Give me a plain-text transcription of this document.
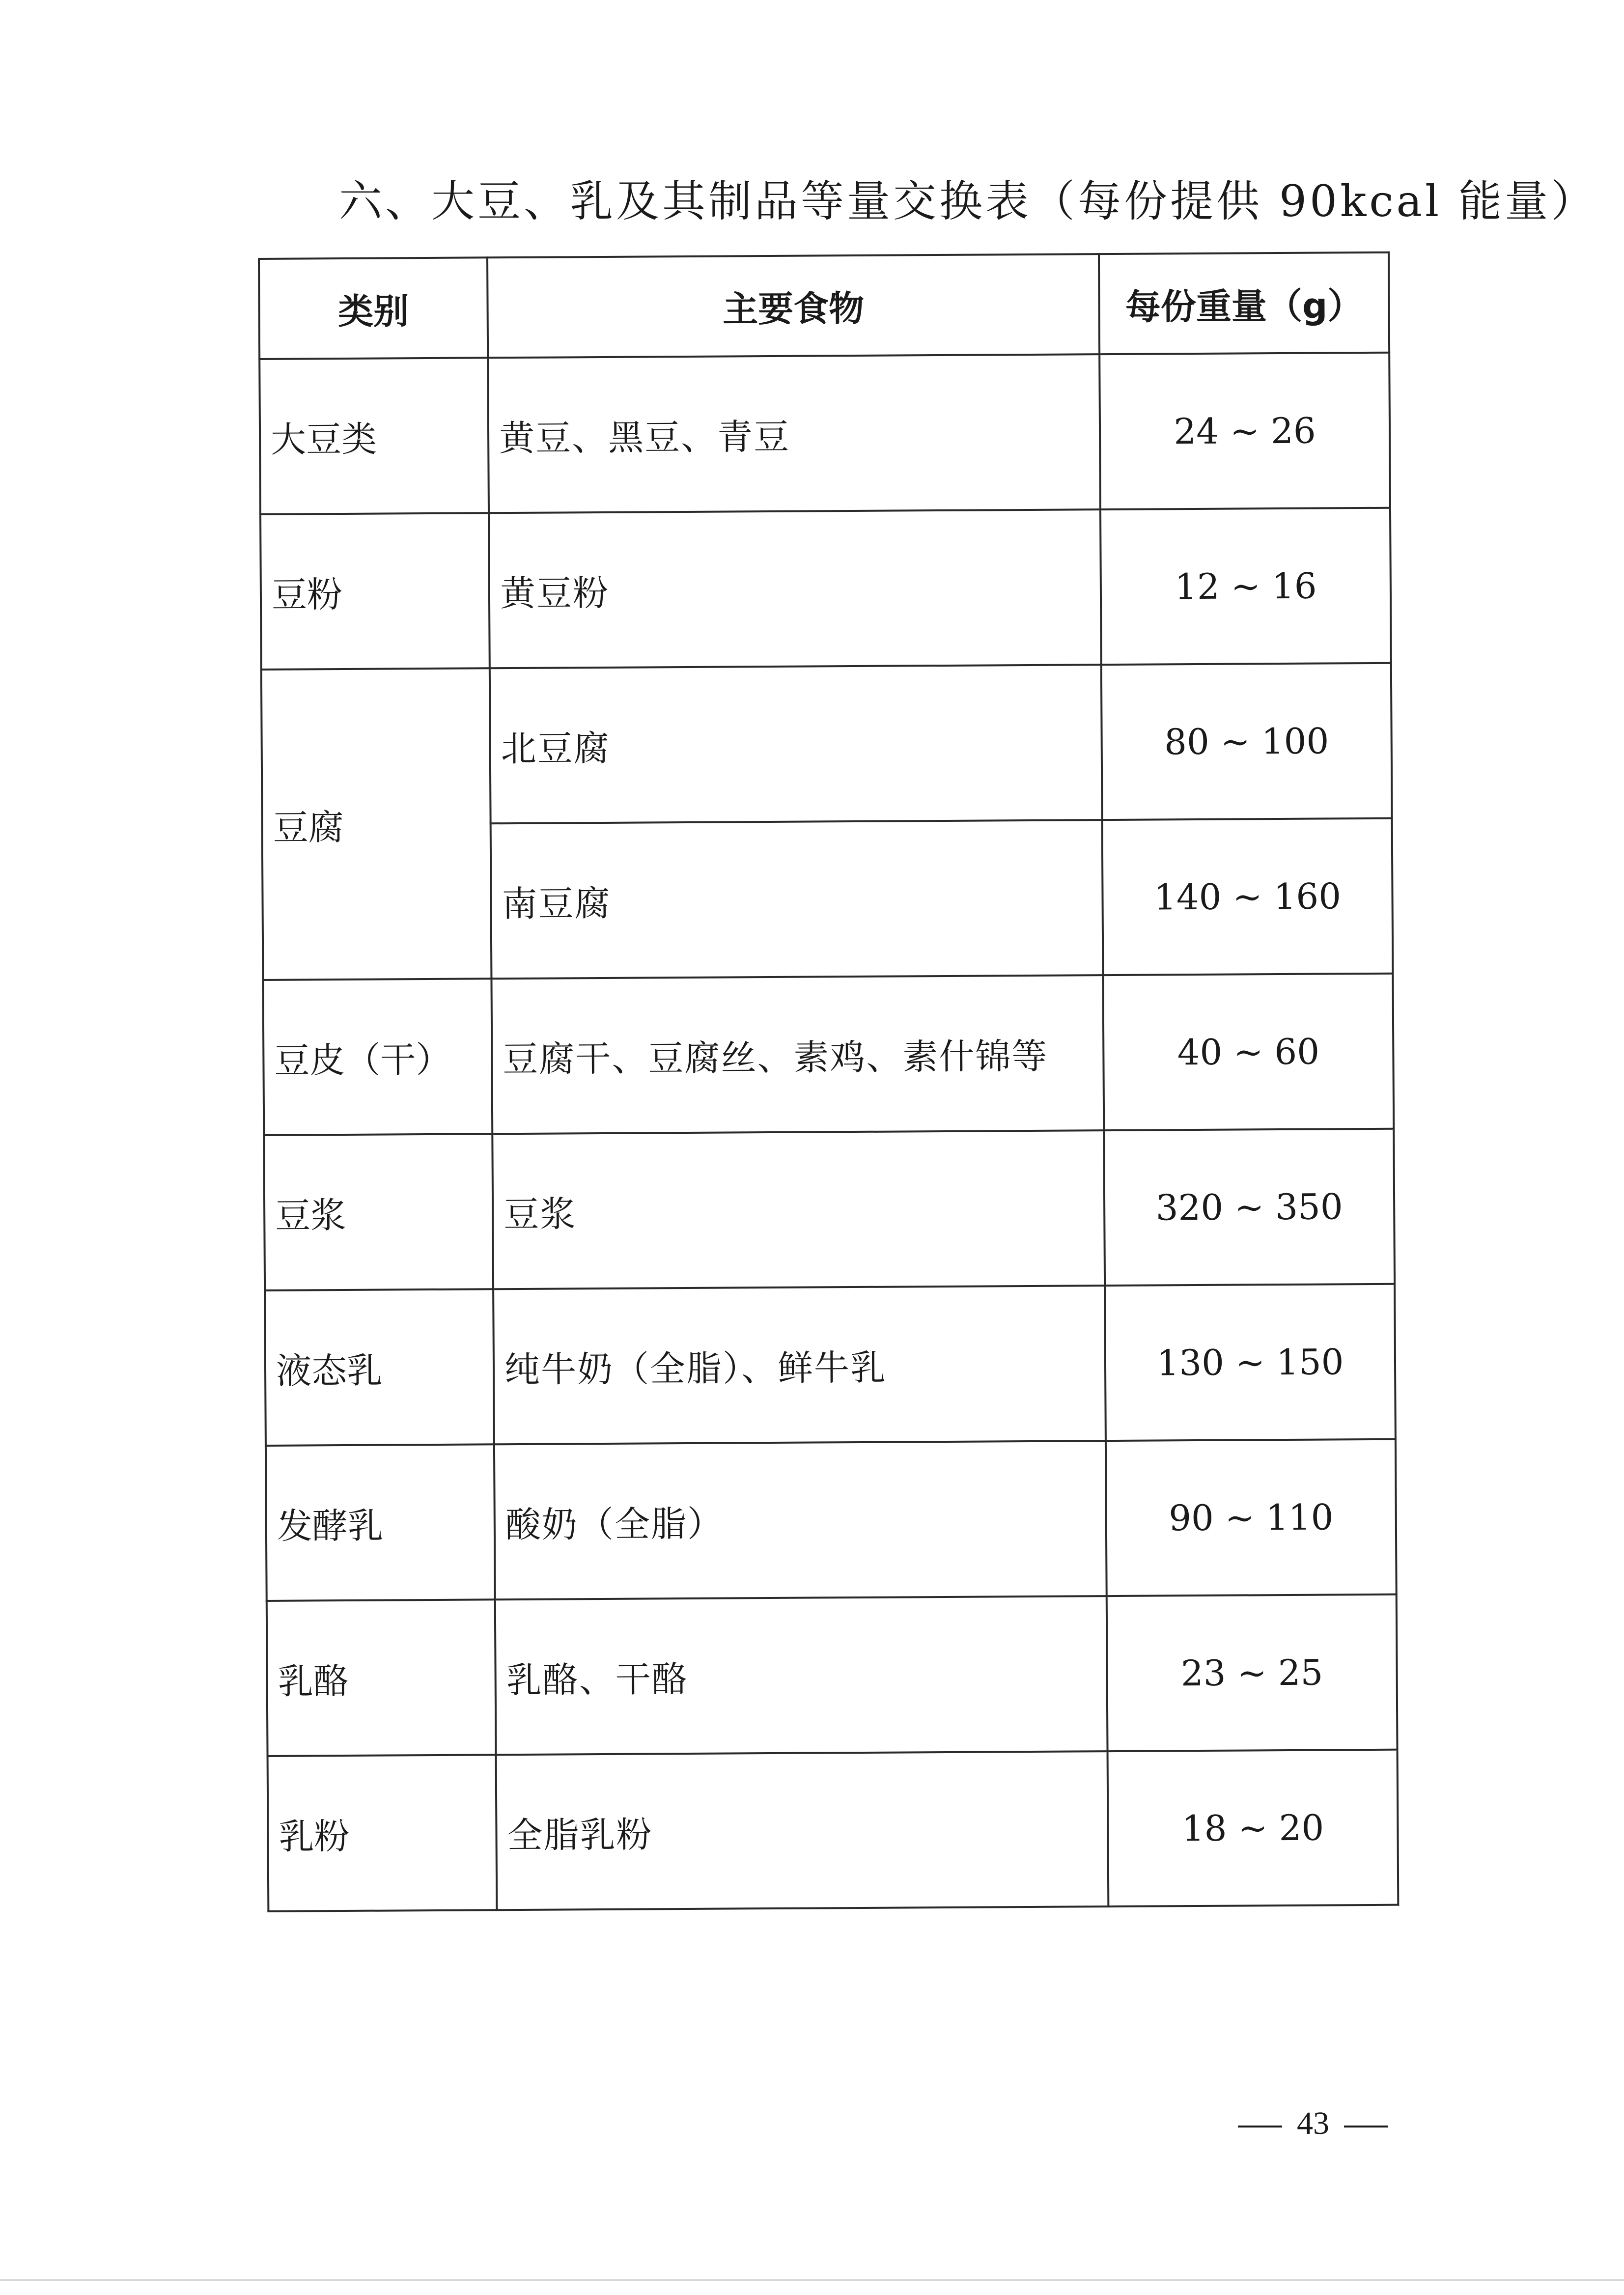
六、大豆、乳及其制品等量交换表（每份提供 90kcal 能量）
类别	主要食物	每份重量（g）
大豆类	黄豆、黑豆、青豆	24 ~ 26
豆粉	黄豆粉	12 ~ 16
豆腐	北豆腐	80 ~ 100
	南豆腐	140 ~ 160
豆皮（干）	豆腐干、豆腐丝、素鸡、素什锦等	40 ~ 60
豆浆	豆浆	320 ~ 350
液态乳	纯牛奶（全脂）、鲜牛乳	130 ~ 150
发酵乳	酸奶（全脂）	90 ~ 110
乳酪	乳酪、干酪	23 ~ 25
乳粉	全脂乳粉	18 ~ 20
43
